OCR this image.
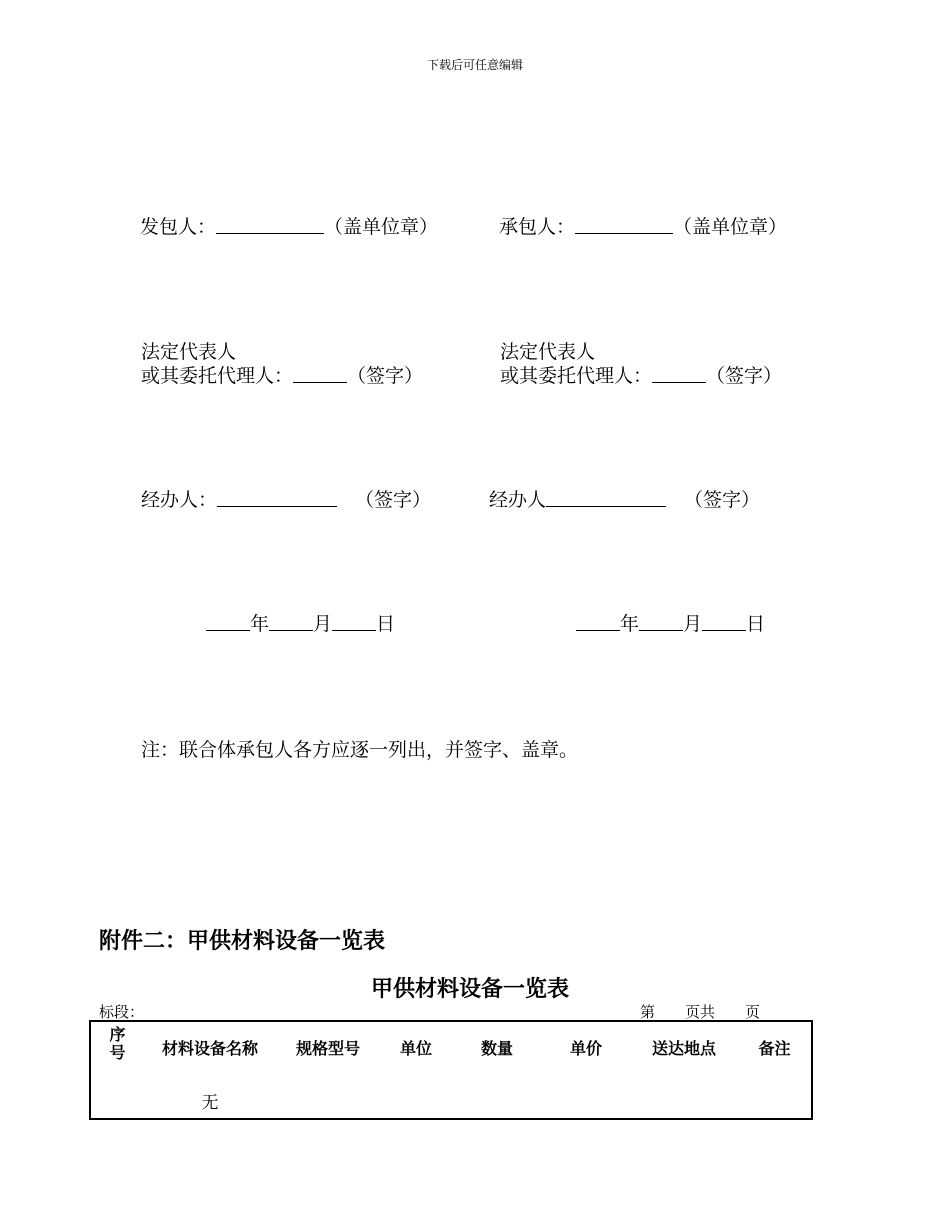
下载后可任意编辑
发包人：	（盖单位章）	承包人：	（盖单位章）
法定代表人
或其委托代理人：	（签字）
法定代表人
或其委托代理人：	（签字）
经办人：	（签字）	经办人	（签字）
年 月 日	年 月 日
注：联合体承包人各方应逐一列出，并签字、盖章。
附件二：甲供材料设备一览表
甲供材料设备一览表
标段：	第　　页共　　页
序
号	材料设备名称	规格型号	单位	数量	单价	送达地点	备注
	无						
